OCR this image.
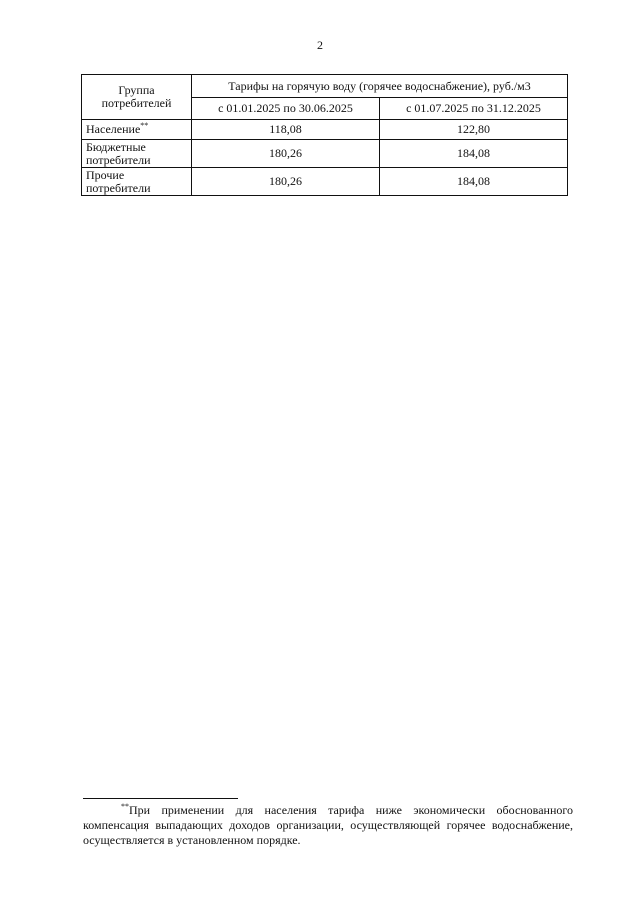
2
Группа потребителей	Тарифы на горячую воду (горячее водоснабжение), руб./м3	
	с 01.01.2025 по 30.06.2025	с 01.07.2025 по 31.12.2025
Население**	118,08	122,80
Бюджетные потребители	180,26	184,08
Прочие потребители	180,26	184,08
**При применении для населения тарифа ниже экономически обоснованного компенсация выпадающих доходов организации, осуществляющей горячее водоснабжение, осуществляется в установленном порядке.
